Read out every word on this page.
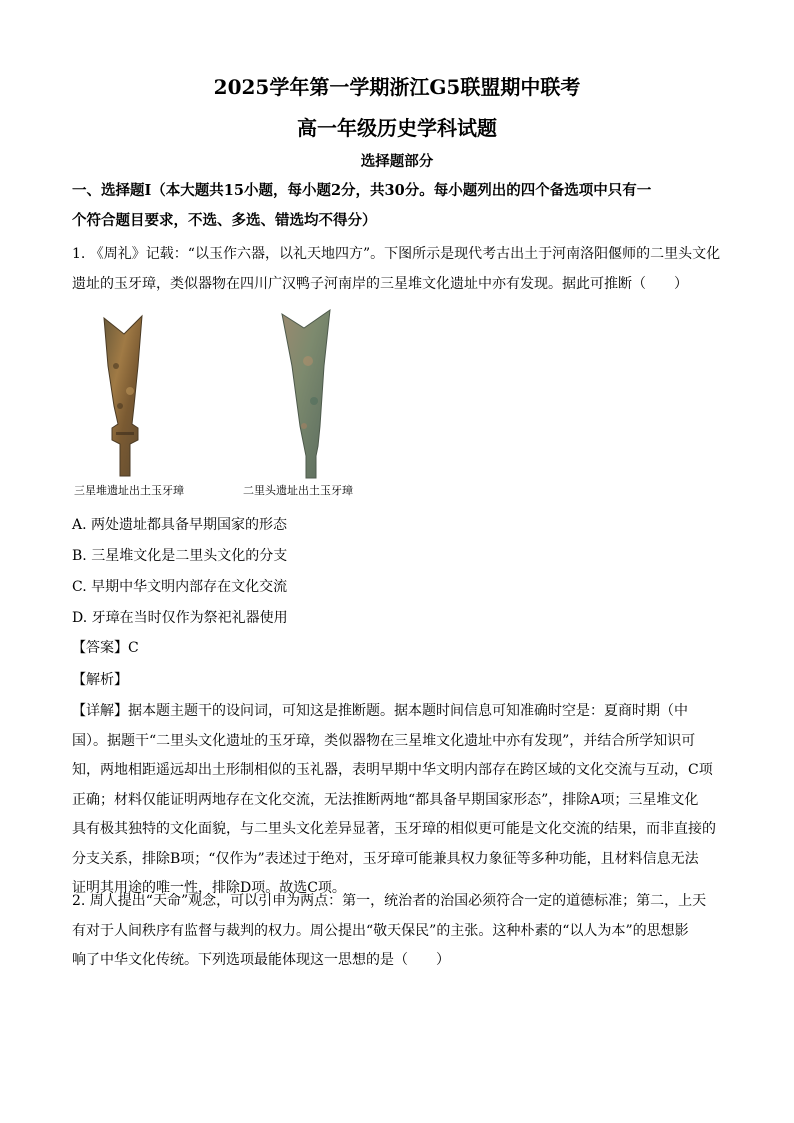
2025学年第一学期浙江G5联盟期中联考
高一年级历史学科试题
选择题部分
一、选择题Ⅰ（本大题共15小题，每小题2分，共30分。每小题列出的四个备选项中只有一
个符合题目要求，不选、多选、错选均不得分）
1. 《周礼》记载：“以玉作六器，以礼天地四方”。下图所示是现代考古出土于河南洛阳偃师的二里头文化
遗址的玉牙璋，类似器物在四川广汉鸭子河南岸的三星堆文化遗址中亦有发现。据此可推断（　　）
三星堆遗址出土玉牙璋	二里头遗址出土玉牙璋
A. 两处遗址都具备早期国家的形态
B. 三星堆文化是二里头文化的分支
C. 早期中华文明内部存在文化交流
D. 牙璋在当时仅作为祭祀礼器使用
【答案】C
【解析】
【详解】据本题主题干的设问词，可知这是推断题。据本题时间信息可知准确时空是：夏商时期（中
国）。据题干“二里头文化遗址的玉牙璋，类似器物在三星堆文化遗址中亦有发现”，并结合所学知识可
知，两地相距遥远却出土形制相似的玉礼器，表明早期中华文明内部存在跨区域的文化交流与互动，C项
正确；材料仅能证明两地存在文化交流，无法推断两地“都具备早期国家形态”，排除A项；三星堆文化
具有极其独特的文化面貌，与二里头文化差异显著，玉牙璋的相似更可能是文化交流的结果，而非直接的
分支关系，排除B项；“仅作为”表述过于绝对，玉牙璋可能兼具权力象征等多种功能，且材料信息无法
证明其用途的唯一性，排除D项。故选C项。
2. 周人提出“天命”观念，可以引申为两点：第一，统治者的治国必须符合一定的道德标准；第二，上天
有对于人间秩序有监督与裁判的权力。周公提出“敬天保民”的主张。这种朴素的“以人为本”的思想影
响了中华文化传统。下列选项最能体现这一思想的是（　　）
